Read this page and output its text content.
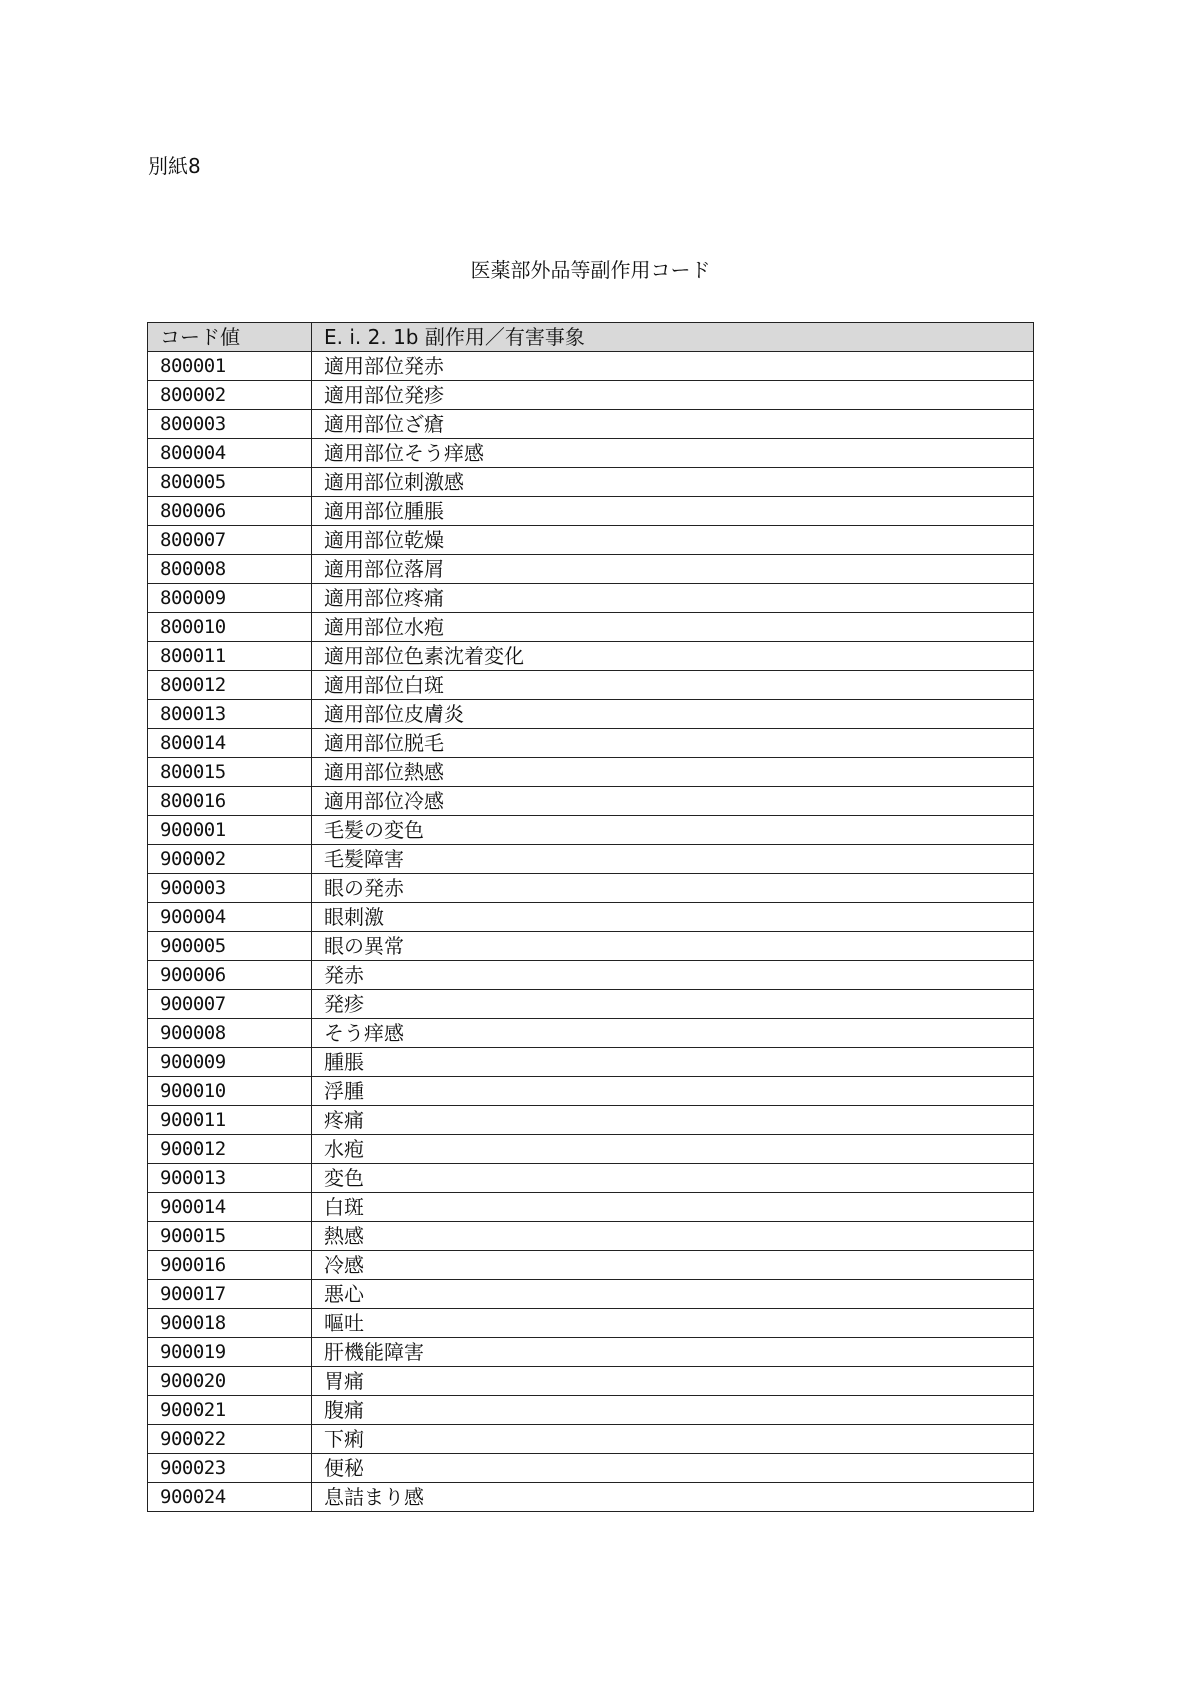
別紙8
医薬部外品等副作用コード
コード値	E. i. 2. 1b 副作用／有害事象
800001	適用部位発赤
800002	適用部位発疹
800003	適用部位ざ瘡
800004	適用部位そう痒感
800005	適用部位刺激感
800006	適用部位腫脹
800007	適用部位乾燥
800008	適用部位落屑
800009	適用部位疼痛
800010	適用部位水疱
800011	適用部位色素沈着変化
800012	適用部位白斑
800013	適用部位皮膚炎
800014	適用部位脱毛
800015	適用部位熱感
800016	適用部位冷感
900001	毛髪の変色
900002	毛髪障害
900003	眼の発赤
900004	眼刺激
900005	眼の異常
900006	発赤
900007	発疹
900008	そう痒感
900009	腫脹
900010	浮腫
900011	疼痛
900012	水疱
900013	変色
900014	白斑
900015	熱感
900016	冷感
900017	悪心
900018	嘔吐
900019	肝機能障害
900020	胃痛
900021	腹痛
900022	下痢
900023	便秘
900024	息詰まり感
